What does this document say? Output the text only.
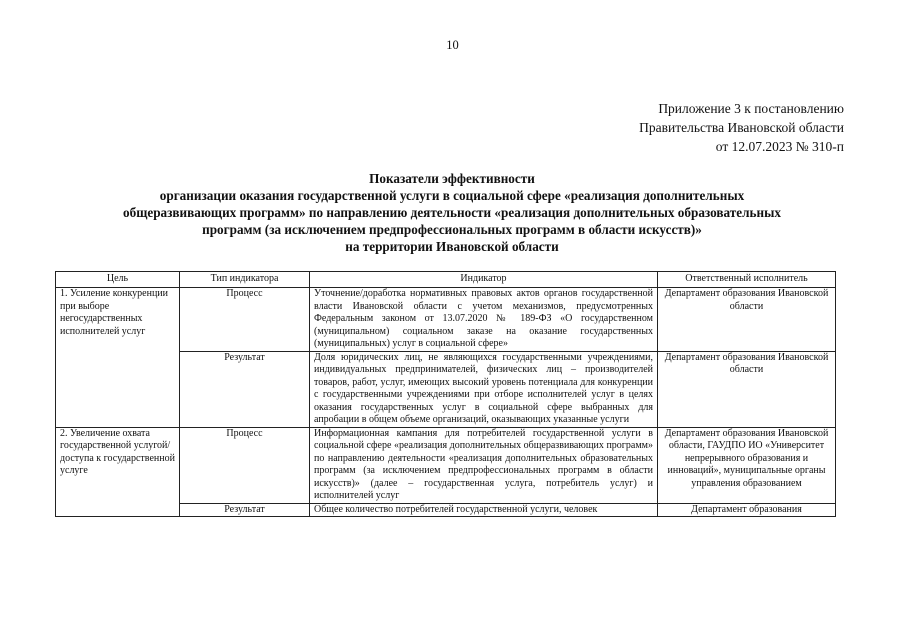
10
Приложение 3 к постановлению
Правительства Ивановской области
от 12.07.2023 № 310-п
Показатели эффективности
организации оказания государственной услуги в социальной сфере «реализация дополнительных
общеразвивающих программ» по направлению деятельности «реализация дополнительных образовательных
программ (за исключением предпрофессиональных программ в области искусств)»
на территории Ивановской области
Цель	Тип индикатора	Индикатор	Ответственный исполнитель
1. Усиление конкуренции при выборе негосударственных исполнителей услуг	Процесс	Уточнение/доработка нормативных правовых актов органов государственной власти Ивановской области с учетом механизмов, предусмотренных Федеральным законом от 13.07.2020 № 189-ФЗ «О государственном (муниципальном) социальном заказе на оказание государственных (муниципальных) услуг в социальной сфере»	Департамент образования Ивановской области
	Результат	Доля юридических лиц, не являющихся государственными учреждениями, индивидуальных предпринимателей, физических лиц – производителей товаров, работ, услуг, имеющих высокий уровень потенциала для конкуренции с государственными учреждениями при отборе исполнителей услуг в целях оказания государственных услуг в социальной сфере выбранных для апробации в общем объеме организаций, оказывающих указанные услуги	Департамент образования Ивановской области
2. Увеличение охвата государственной услугой/доступа к государственной услуге	Процесс	Информационная кампания для потребителей государственной услуги в социальной сфере «реализация дополнительных общеразвивающих программ» по направлению деятельности «реализация дополнительных образовательных программ (за исключением предпрофессиональных программ в области искусств)» (далее – государственная услуга, потребитель услуг) и исполнителей услуг	Департамент образования Ивановской области, ГАУДПО ИО «Университет непрерывного образования и инноваций», муниципальные органы управления образованием
	Результат	Общее количество потребителей государственной услуги, человек	Департамент образования
